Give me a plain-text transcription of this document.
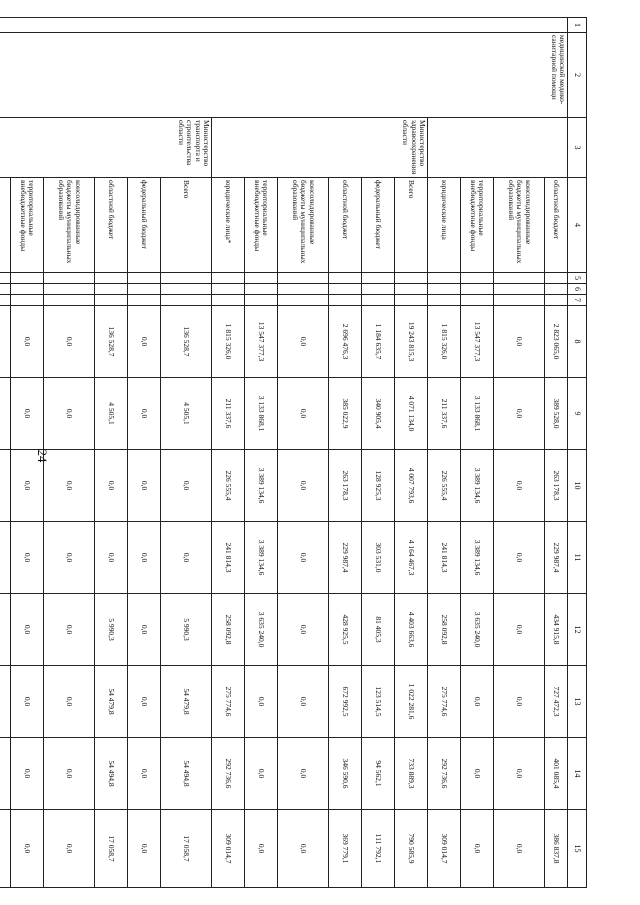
24
1	2	3	4	5	6	7	8	9	10	11	12	13	14	15
	медицинской медико-санитарной помощи		областной бюджет				2 823 065,0	389 528,0	263 178,3	229 987,4	434 915,8	727 472,3	401 085,4	386 837,8
			консолидированные бюджеты муниципальных образований				0,0	0,0	0,0	0,0	0,0	0,0	0,0	0,0
			территориальные внебюджетные фонды				13 547 377,3	3 133 868,1	3 389 134,6	3 389 134,6	3 635 240,0	0,0	0,0	0,0
			юридические лица				1 815 326,0	211 337,6	226 555,4	241 814,3	258 092,8	275 774,6	292 736,6	309 014,7
		Министерство здравоохранения области	Всего				19 243 815,3	4 071 134,0	4 007 793,6	4 164 467,3	4 403 663,6	1 022 281,6	733 889,3	790 585,9
			федеральный бюджет				1 184 635,7	340 905,4	128 925,3	303 531,0	81 405,3	123 514,5	94 562,1	111 792,1
			областной бюджет				2 696 476,3	385 022,9	263 178,3	229 987,4	428 925,5	672 992,5	346 590,6	369 779,1
			консолидированные бюджеты муниципальных образований				0,0	0,0	0,0	0,0	0,0	0,0	0,0	0,0
			территориальные внебюджетные фонды				13 547 377,3	3 133 868,1	3 389 134,6	3 389 134,6	3 635 240,0	0,0	0,0	0,0
			юридические лица*				1 815 326,0	211 337,6	226 555,4	241 814,3	258 092,8	275 774,6	292 736,6	309 014,7
		Министерство транспорта и строительства области	Всего				136 528,7	4 505,1	0,0	0,0	5 990,3	54 479,8	54 494,8	17 058,7
			федеральный бюджет				0,0	0,0	0,0	0,0	0,0	0,0	0,0	0,0
			областной бюджет				136 528,7	4 505,1	0,0	0,0	5 990,3	54 479,8	54 494,8	17 058,7
			консолидированные бюджеты муниципальных образований				0,0	0,0	0,0	0,0	0,0	0,0	0,0	0,0
			территориальные внебюджетные фонды				0,0	0,0	0,0	0,0	0,0	0,0	0,0	0,0
